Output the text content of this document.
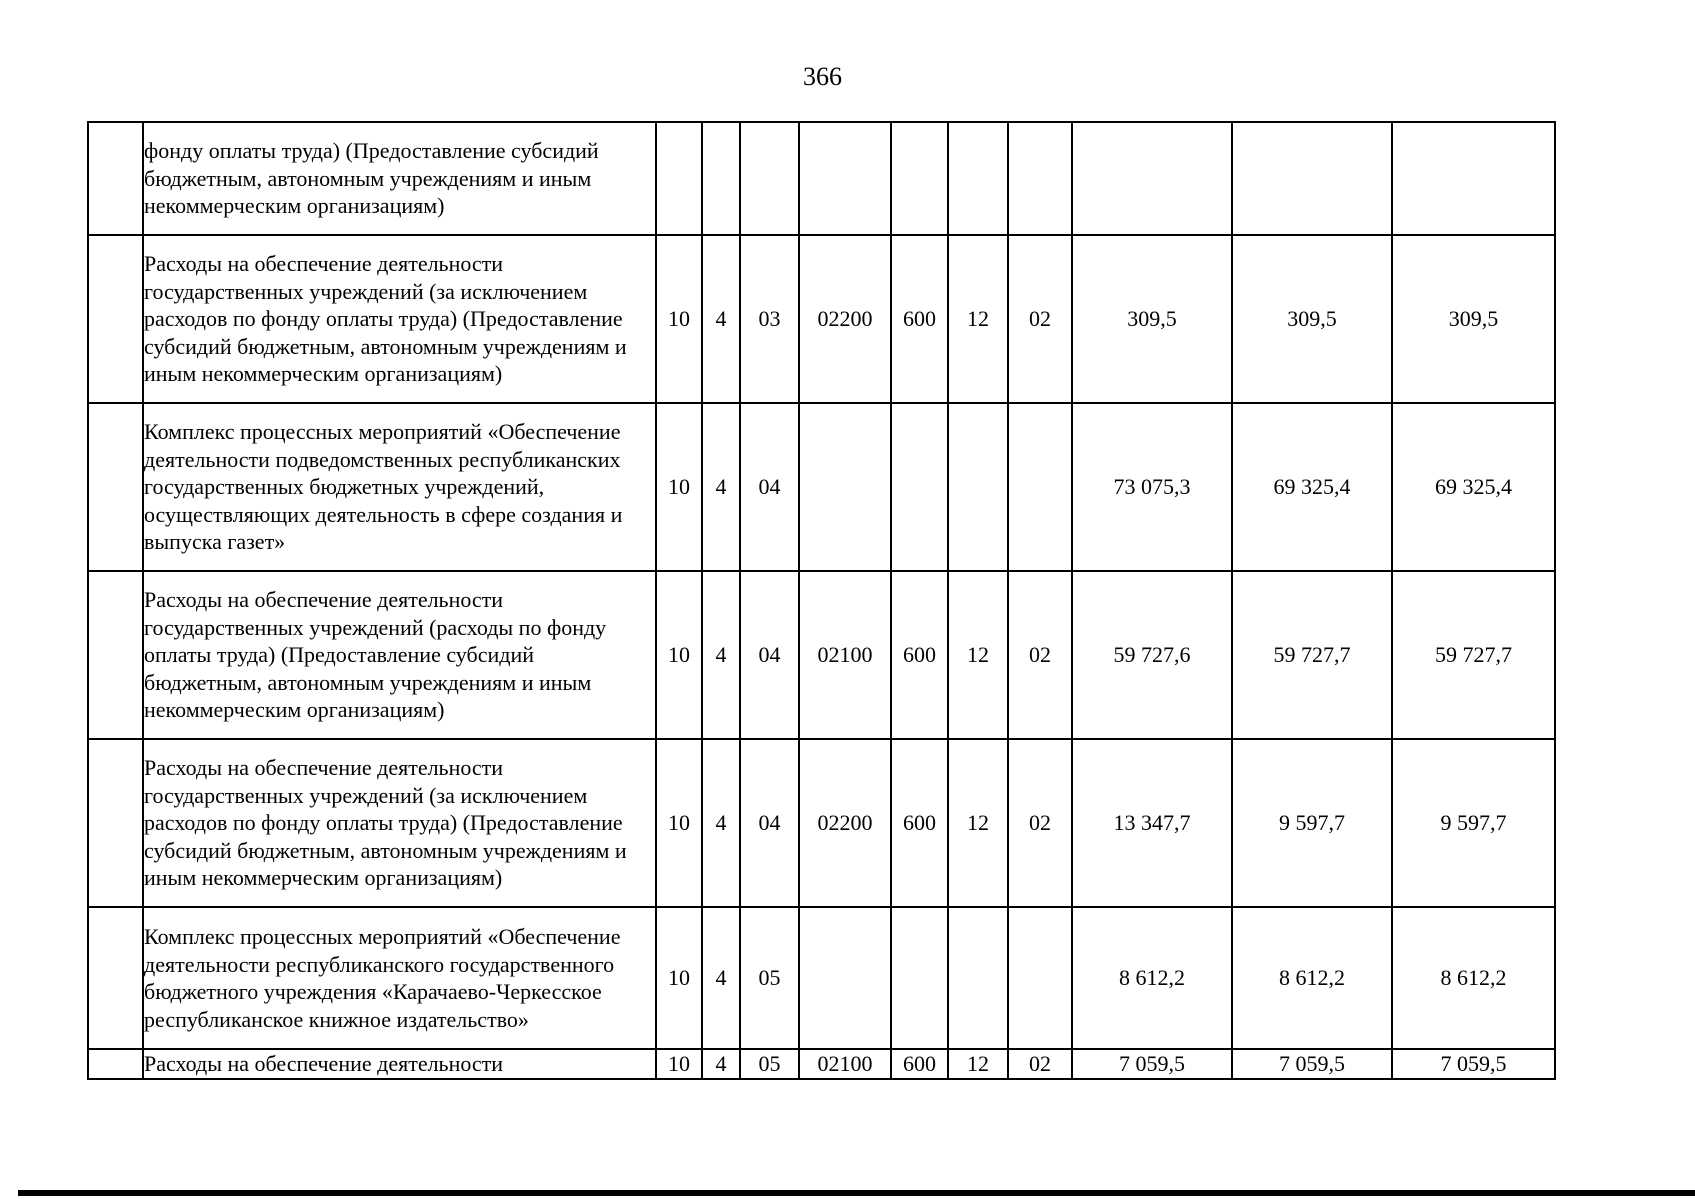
366
	фонду оплаты труда) (Предоставление субсидий бюджетным, автономным учреждениям и иным некоммерческим организациям)										
	Расходы на обеспечение деятельности государственных учреждений (за исключением расходов по фонду оплаты труда) (Предоставление субсидий бюджетным, автономным учреждениям и иным некоммерческим организациям)	10	4	03	02200	600	12	02	309,5	309,5	309,5
	Комплекс процессных мероприятий «Обеспечение деятельности подведомственных республиканских государственных бюджетных учреждений, осуществляющих деятельность в сфере создания и выпуска газет»	10	4	04					73 075,3	69 325,4	69 325,4
	Расходы на обеспечение деятельности государственных учреждений (расходы по фонду оплаты труда) (Предоставление субсидий бюджетным, автономным учреждениям и иным некоммерческим организациям)	10	4	04	02100	600	12	02	59 727,6	59 727,7	59 727,7
	Расходы на обеспечение деятельности государственных учреждений (за исключением расходов по фонду оплаты труда) (Предоставление субсидий бюджетным, автономным учреждениям и иным некоммерческим организациям)	10	4	04	02200	600	12	02	13 347,7	9 597,7	9 597,7
	Комплекс процессных мероприятий «Обеспечение деятельности республиканского государственного бюджетного учреждения «Карачаево-Черкесское республиканское книжное издательство»	10	4	05					8 612,2	8 612,2	8 612,2
	Расходы на обеспечение деятельности	10	4	05	02100	600	12	02	7 059,5	7 059,5	7 059,5
